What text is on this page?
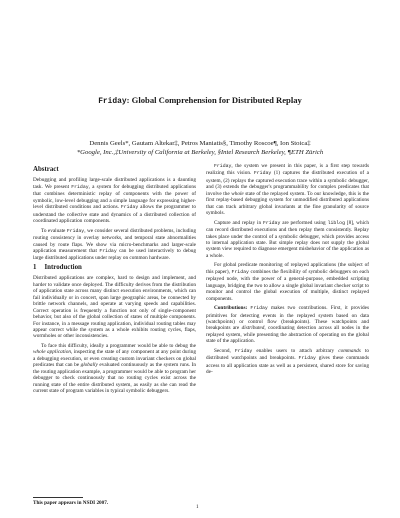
Friday: Global Comprehension for Distributed Replay
Dennis Geels*, Gautam Altekar‡, Petros Maniatis§, Timothy Roscoe¶, Ion Stoica‡
*Google, Inc.,‡University of California at Berkeley, §Intel Research Berkeley, ¶ETH Zürich
Abstract

Debugging and profiling large-scale distributed applications is a daunting task. We present Friday, a system for debugging distributed applications that combines deterministic replay of components with the power of symbolic, low-level debugging and a simple language for expressing higher-level distributed conditions and actions. Friday allows the programmer to understand the collective state and dynamics of a distributed collection of coordinated application components.

To evaluate Friday, we consider several distributed problems, including routing consistency in overlay networks, and temporal state abnormalities caused by route flaps. We show via micro-benchmarks and larger-scale application measurement that Friday can be used interactively to debug large distributed applications under replay on common hardware.

1 Introduction

Distributed applications are complex, hard to design and implement, and harder to validate once deployed. The difficulty derives from the distribution of application state across many distinct execution environments, which can fail individually or in concert, span large geographic areas, be connected by brittle network channels, and operate at varying speeds and capabilities. Correct operation is frequently a function not only of single-component behavior, but also of the global collection of states of multiple components. For instance, in a message routing application, individual routing tables may appear correct while the system as a whole exhibits routing cycles, flaps, wormholes or other inconsistencies.

To face this difficulty, ideally a programmer would be able to debug the whole application, inspecting the state of any component at any point during a debugging execution, or even creating custom invariant checkers on global predicates that can be globally evaluated continuously as the system runs. In the routing application example, a programmer would be able to program her debugger to check continuously that no routing cycles exist across the running state of the entire distributed system, as easily as she can read the current state of program variables in typical symbolic debuggers.

Friday, the system we present in this paper, is a first step towards realizing this vision. Friday (1) captures the distributed execution of a system, (2) replays the captured execution trace within a symbolic debugger, and (3) extends the debugger's programmability for complex predicates that involve the whole state of the replayed system. To our knowledge, this is the first replay-based debugging system for unmodified distributed applications that can track arbitrary global invariants at the fine granularity of source symbols.

Capture and replay in Friday are performed using liblog [8], which can record distributed executions and then replay them consistently. Replay takes place under the control of a symbolic debugger, which provides access to internal application state. But simple replay does not supply the global system view required to diagnose emergent misbehavior of the application as a whole.

For global predicate monitoring of replayed applications (the subject of this paper), Friday combines the flexibility of symbolic debuggers on each replayed node, with the power of a general-purpose, embedded scripting language, bridging the two to allow a single global invariant checker script to monitor and control the global execution of multiple, distinct replayed components.

Contributions: Friday makes two contributions. First, it provides primitives for detecting events in the replayed system based on data (watchpoints) or control flow (breakpoints). These watchpoints and breakpoints are distributed, coordinating detection across all nodes in the replayed system, while presenting the abstraction of operating on the global state of the application.

Second, Friday enables users to attach arbitrary commands to distributed watchpoints and breakpoints. Friday gives these commands access to all application state as well as a persistent, shared store for saving de-

This paper appears in NSDI 2007.
1
